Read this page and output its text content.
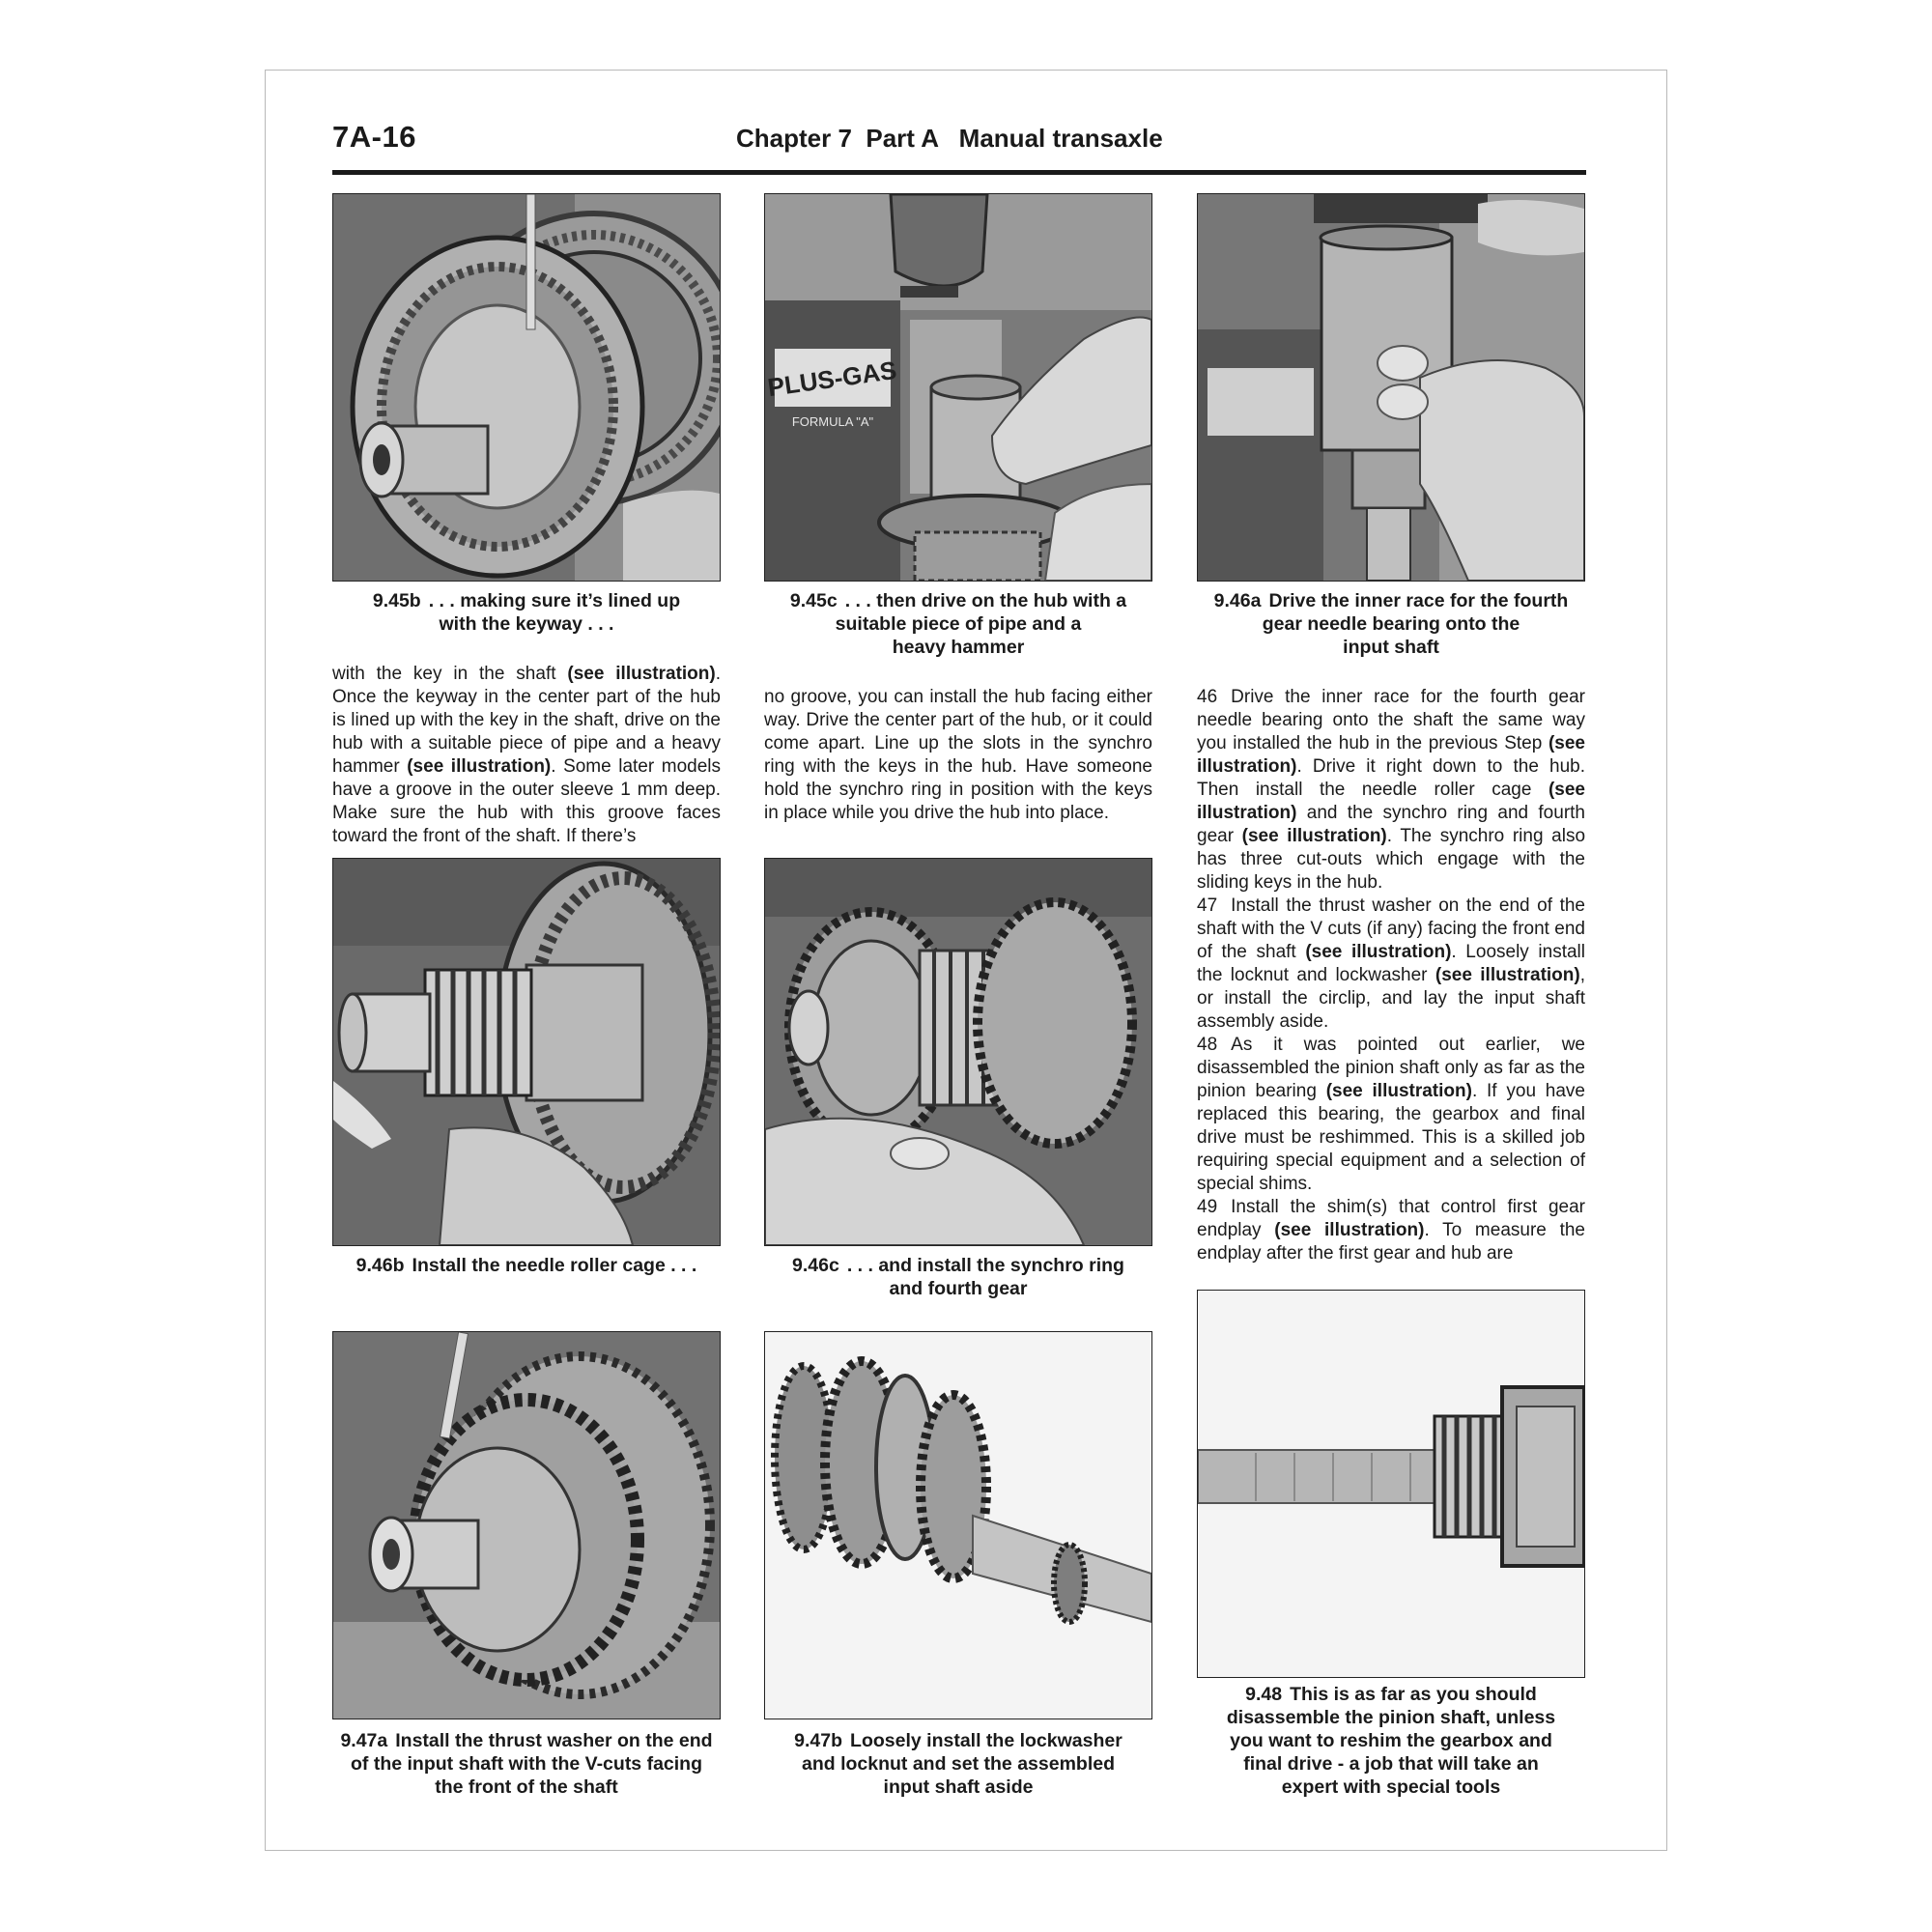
7A-16	Chapter 7  Part A   Manual transaxle
PLUS-GAS
FORMULA "A"
9.45b . . . making sure it’s lined up
with the keyway . . .
9.45c . . . then drive on the hub with a
suitable piece of pipe and a
heavy hammer
9.46a Drive the inner race for the fourth
gear needle bearing onto the
input shaft

with the key in the shaft (see illustration). Once the keyway in the center part of the hub is lined up with the key in the shaft, drive on the hub with a suitable piece of pipe and a heavy hammer (see illustration). Some later models have a groove in the outer sleeve 1 mm deep. Make sure the hub with this groove faces toward the front of the shaft. If there’s

no groove, you can install the hub facing either way. Drive the center part of the hub, or it could come apart. Line up the slots in the synchro ring with the keys in the hub. Have someone hold the synchro ring in position with the keys in place while you drive the hub into place.

46 Drive the inner race for the fourth gear needle bearing onto the shaft the same way you installed the hub in the previous Step (see illustration). Drive it right down to the hub. Then install the needle roller cage (see illustration) and the synchro ring and fourth gear (see illustration). The synchro ring also has three cut-outs which engage with the sliding keys in the hub.

47 Install the thrust washer on the end of the shaft with the V cuts (if any) facing the front end of the shaft (see illustration). Loosely install the locknut and lockwasher (see illustration), or install the circlip, and lay the input shaft assembly aside.

48 As it was pointed out earlier, we disassembled the pinion shaft only as far as the pinion bearing (see illustration). If you have replaced this bearing, the gearbox and final drive must be reshimmed. This is a skilled job requiring special equipment and a selection of special shims.

49 Install the shim(s) that control first gear endplay (see illustration). To measure the endplay after the first gear and hub are

9.46b Install the needle roller cage . . .	9.46c . . . and install the synchro ring
and fourth gear
9.47a Install the thrust washer on the end
of the input shaft with the V-cuts facing
the front of the shaft
9.47b Loosely install the lockwasher
and locknut and set the assembled
input shaft aside
9.48 This is as far as you should
disassemble the pinion shaft, unless
you want to reshim the gearbox and
final drive - a job that will take an
expert with special tools
